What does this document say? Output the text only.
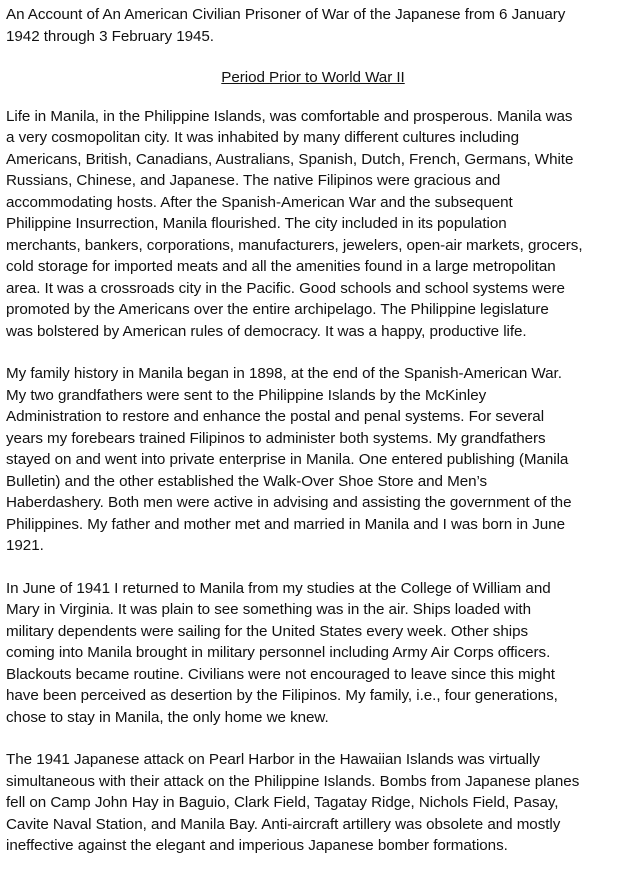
An Account of An American Civilian Prisoner of War of the Japanese from 6 January
1942 through 3 February 1945.
Period Prior to World War II
Life in Manila, in the Philippine Islands, was comfortable and prosperous. Manila was
a very cosmopolitan city. It was inhabited by many different cultures including
Americans, British, Canadians, Australians, Spanish, Dutch, French, Germans, White
Russians, Chinese, and Japanese. The native Filipinos were gracious and
accommodating hosts. After the Spanish-American War and the subsequent
Philippine Insurrection, Manila flourished. The city included in its population
merchants, bankers, corporations, manufacturers, jewelers, open-air markets, grocers,
cold storage for imported meats and all the amenities found in a large metropolitan
area. It was a crossroads city in the Pacific. Good schools and school systems were
promoted by the Americans over the entire archipelago. The Philippine legislature
was bolstered by American rules of democracy. It was a happy, productive life.
My family history in Manila began in 1898, at the end of the Spanish-American War.
My two grandfathers were sent to the Philippine Islands by the McKinley
Administration to restore and enhance the postal and penal systems. For several
years my forebears trained Filipinos to administer both systems. My grandfathers
stayed on and went into private enterprise in Manila. One entered publishing (Manila
Bulletin) and the other established the Walk-Over Shoe Store and Men’s
Haberdashery. Both men were active in advising and assisting the government of the
Philippines. My father and mother met and married in Manila and I was born in June
1921.
In June of 1941 I returned to Manila from my studies at the College of William and
Mary in Virginia. It was plain to see something was in the air. Ships loaded with
military dependents were sailing for the United States every week. Other ships
coming into Manila brought in military personnel including Army Air Corps officers.
Blackouts became routine. Civilians were not encouraged to leave since this might
have been perceived as desertion by the Filipinos. My family, i.e., four generations,
chose to stay in Manila, the only home we knew.
The 1941 Japanese attack on Pearl Harbor in the Hawaiian Islands was virtually
simultaneous with their attack on the Philippine Islands. Bombs from Japanese planes
fell on Camp John Hay in Baguio, Clark Field, Tagatay Ridge, Nichols Field, Pasay,
Cavite Naval Station, and Manila Bay. Anti-aircraft artillery was obsolete and mostly
ineffective against the elegant and imperious Japanese bomber formations.
